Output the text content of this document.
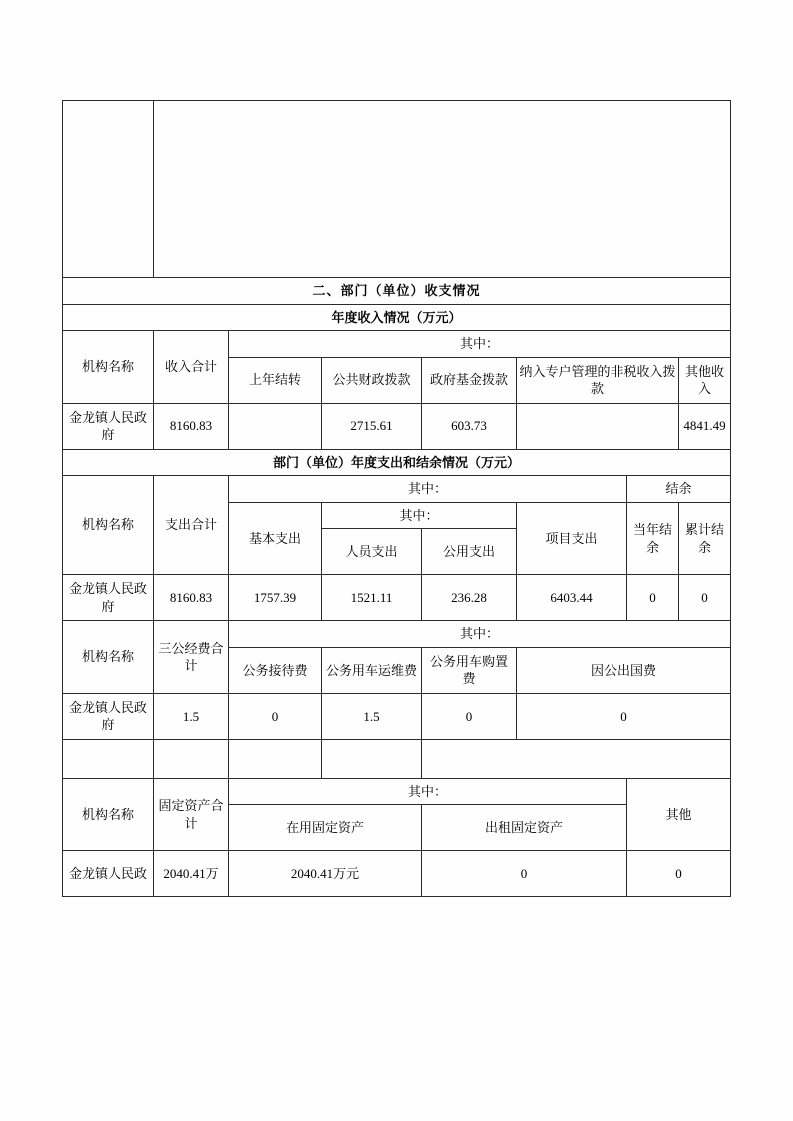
二、部门（单位）收支情况							
年度收入情况（万元）							
机构名称	收入合计	其中：					
		上年结转	公共财政拨款	政府基金拨款	纳入专户管理的非税收入拨款		其他收入
金龙镇人民政府	8160.83		2715.61	603.73			4841.49
部门（单位）年度支出和结余情况（万元）							
机构名称	支出合计	其中：				结余	
		基本支出	其中：		项目支出	当年结余	累计结余
			人员支出	公用支出			
金龙镇人民政府	8160.83	1757.39	1521.11	236.28	6403.44	0	0
机构名称	三公经费合计	其中：					
		公务接待费	公务用车运维费	公务用车购置费	因公出国费		
金龙镇人民政府	1.5	0	1.5	0	0		

机构名称	固定资产合计	其中：				其他	
		在用固定资产		出租固定资产			
金龙镇人民政	2040.41万	2040.41万元		0		0	
